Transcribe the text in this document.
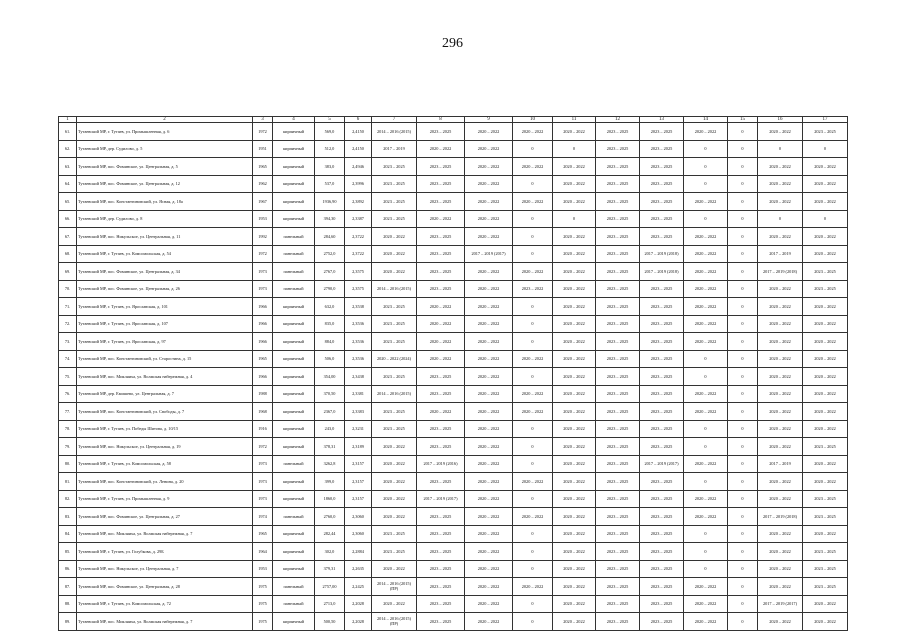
296
1	2	3	4	5	6	7	8	9	10	11	12	13	14	15	16	17
61.	Тутаевский МР, г. Тутаев, ул. Промышленная, д. 6	1972	кирпичный	569,0	2,4150	2014 – 2016 (2015)	2023 – 2025	2020 – 2022	2020 – 2022	2020 – 2022	2023 – 2025	2023 – 2025	2020 – 2022	0	2020 – 2022	2023 – 2025
62.	Тутаевский МР, дер. Судилово, д. 5	1951	кирпичный	512,0	2,4150	2017 – 2019	2020 – 2022	2020 – 2022	0	0	2023 – 2025	2023 – 2025	0	0	0	0
63.	Тутаевский МР, пос. Фоминское, ул. Центральная, д. 5	1965	кирпичный	383,0	2,4946	2023 – 2025	2023 – 2025	2020 – 2022	2020 – 2022	2020 – 2022	2023 – 2025	2023 – 2025	0	0	2020 – 2022	2020 – 2022
64.	Тутаевский МР, пос. Фоминское, ул. Центральная, д. 12	1962	кирпичный	537,0	2,3996	2023 – 2025	2023 – 2025	2020 – 2022	0	2020 – 2022	2023 – 2025	2023 – 2025	0	0	2020 – 2022	2020 – 2022
65.	Тутаевский МР, пос. Константиновский, ул. Ясная, д. 18а	1967	кирпичный	1936,90	2,3892	2023 – 2025	2023 – 2025	2020 – 2022	2020 – 2022	2020 – 2022	2023 – 2025	2023 – 2025	2020 – 2022	0	2020 – 2022	2020 – 2022
66.	Тутаевский МР, дер. Судилово, д. 8	1953	кирпичный	394,30	2,3387	2023 – 2025	2020 – 2022	2020 – 2022	0	0	2023 – 2025	2023 – 2025	0	0	0	0
67.	Тутаевский МР, пос. Никульское, ул. Центральная, д. 11	1992	панельный	284,60	2,3722	2020 – 2022	2023 – 2025	2020 – 2022	0	2020 – 2022	2023 – 2025	2023 – 2025	2020 – 2022	0	2020 – 2022	2020 – 2022
68.	Тутаевский МР, г. Тутаев, ул. Комсомольская, д. 54	1972	панельный	2752,0	2,3722	2020 – 2022	2023 – 2025	2017 – 2019 (2017)	0	2020 – 2022	2023 – 2025	2017 – 2019 (2018)	2020 – 2022	0	2017 – 2019	2020 – 2022
69.	Тутаевский МР, пос. Фоминское, ул. Центральная, д. 34	1973	панельный	2767,0	2,3575	2020 – 2022	2023 – 2025	2020 – 2022	2020 – 2022	2020 – 2022	2023 – 2025	2017 – 2019 (2018)	2020 – 2022	0	2017 – 2019 (2018)	2023 – 2025
70.	Тутаевский МР, пос. Фоминское, ул. Центральная, д. 26	1973	панельный	2790,0	2,3575	2014 – 2016 (2015)	2023 – 2025	2020 – 2022	2023 – 2022	2020 – 2022	2023 – 2025	2023 – 2025	2020 – 2022	0	2020 – 2022	2023 – 2025
71.	Тутаевский МР, г. Тутаев, ул. Ярославская, д. 101	1966	кирпичный	632,0	2,3538	2023 – 2025	2020 – 2022	2020 – 2022	0	2020 – 2022	2023 – 2025	2023 – 2025	2020 – 2022	0	2020 – 2022	2020 – 2022
72.	Тутаевский МР, г. Тутаев, ул. Ярославская, д. 107	1966	кирпичный	835,0	2,3536	2023 – 2025	2020 – 2022	2020 – 2022	0	2020 – 2022	2023 – 2025	2023 – 2025	2020 – 2022	0	2020 – 2022	2020 – 2022
73.	Тутаевский МР, г. Тутаев, ул. Ярославская, д. 97	1966	кирпичный	884,0	2,3536	2023 – 2025	2020 – 2022	2020 – 2022	0	2020 – 2022	2023 – 2025	2023 – 2025	2020 – 2022	0	2020 – 2022	2020 – 2022
74.	Тутаевский МР, пос. Константиновский, ул. Старостина, д. 15	1965	кирпичный	506,0	2,3536	2020 – 2022 (2024)	2020 – 2022	2020 – 2022	2020 – 2022	2020 – 2022	2023 – 2025	2023 – 2025	0	0	2020 – 2022	2020 – 2022
75.	Тутаевский МР, пос. Микляиха, ул. Волжская набережная, д. 4	1966	кирпичный	354,00	2,3438	2023 – 2025	2023 – 2025	2020 – 2022	0	2020 – 2022	2023 – 2025	2023 – 2025	0	0	2020 – 2022	2020 – 2022
76.	Тутаевский МР, дер. Емишево, ул. Центральная, д. 7	1988	кирпичный	370,50	2,3381	2014 – 2016 (2015)	2023 – 2025	2020 – 2022	2020 – 2022	2020 – 2022	2023 – 2025	2023 – 2025	2020 – 2022	0	2020 – 2022	2020 – 2022
77.	Тутаевский МР, пос. Константиновский, ул. Свободы, д. 7	1968	кирпичный	2367,0	2,3383	2023 – 2025	2020 – 2022	2020 – 2022	2020 – 2022	2020 – 2022	2023 – 2025	2023 – 2025	2020 – 2022	0	2020 – 2022	2020 – 2022
78.	Тутаевский МР, г. Тутаев, ул. Победы Шитова, д. 10/15	1916	кирпичный	243,0	2,3231	2023 – 2025	2023 – 2025	2020 – 2022	0	2020 – 2022	2023 – 2025	2023 – 2025	0	0	2020 – 2022	2020 – 2022
79.	Тутаевский МР, пос. Никульское, ул. Центральная, д. 19	1972	кирпичный	378,31	2,3189	2020 – 2022	2023 – 2025	2020 – 2022	0	2020 – 2022	2023 – 2025	2023 – 2025	0	0	2020 – 2022	2023 – 2025
80.	Тутаевский МР, г. Тутаев, ул. Комсомольская, д. 58	1973	панельный	3262,8	2,3157	2020 – 2022	2017 – 2019 (2016)	2020 – 2022	0	2020 – 2022	2023 – 2025	2017 – 2019 (2017)	2020 – 2022	0	2017 – 2019	2020 – 2022
81.	Тутаевский МР, пос. Константиновский, ул. Ленина, д. 20	1973	кирпичный	399,0	2,3157	2020 – 2022	2023 – 2025	2020 – 2022	2020 – 2022	2020 – 2022	2023 – 2025	2023 – 2025	0	0	2020 – 2022	2020 – 2022
82.	Тутаевский МР, г. Тутаев, ул. Промышленная, д. 9	1973	кирпичный	1860,0	2,3157	2020 – 2022	2017 – 2019 (2017)	2020 – 2022	0	2020 – 2022	2023 – 2025	2023 – 2025	2020 – 2022	0	2020 – 2022	2023 – 2025
83.	Тутаевский МР, пос. Фоминское, ул. Центральная, д. 27	1974	панельный	2760,0	2,3060	2020 – 2022	2023 – 2025	2020 – 2022	2020 – 2022	2020 – 2022	2023 – 2025	2023 – 2025	2020 – 2022	0	2017 – 2019 (2018)	2023 – 2025
84.	Тутаевский МР, пос. Микляиха, ул. Волжская набережная, д. 7	1965	кирпичный	282,44	2,3060	2023 – 2025	2023 – 2025	2020 – 2022	0	2020 – 2022	2023 – 2025	2023 – 2025	0	0	2020 – 2022	2020 – 2022
85.	Тутаевский МР, г. Тутаев, ул. Голубкова, д. 29Б	1964	кирпичный	302,0	2,2884	2023 – 2025	2023 – 2025	2020 – 2022	0	2020 – 2022	2023 – 2025	2023 – 2025	0	0	2020 – 2022	2023 – 2025
86.	Тутаевский МР, пос. Никульское, ул. Центральная, д. 7	1953	кирпичный	379,31	2,2635	2020 – 2022	2023 – 2025	2020 – 2022	0	2020 – 2022	2023 – 2025	2023 – 2025	0	0	2020 – 2022	2023 – 2025
87.	Тутаевский МР, пос. Фоминское, ул. Центральная, д. 28	1975	панельный	2757,00	2,2425	2014 – 2016 (2015) (ПР)	2023 – 2025	2020 – 2022	2020 – 2022	2020 – 2022	2023 – 2025	2023 – 2025	2020 – 2022	0	2020 – 2022	2023 – 2025
88.	Тутаевский МР, г. Тутаев, ул. Комсомольская, д. 72	1975	панельный	2713,0	2,2028	2020 – 2022	2023 – 2025	2020 – 2022	0	2020 – 2022	2023 – 2025	2023 – 2025	2020 – 2022	0	2017 – 2019 (2017)	2020 – 2022
89.	Тутаевский МР, пос. Микляиха, ул. Волжская набережная, д. 7	1975	кирпичный	500,50	2,2028	2014 – 2016 (2015) (ПР)	2023 – 2025	2020 – 2022	0	2020 – 2022	2023 – 2025	2023 – 2025	2020 – 2022	0	2020 – 2022	2020 – 2022
